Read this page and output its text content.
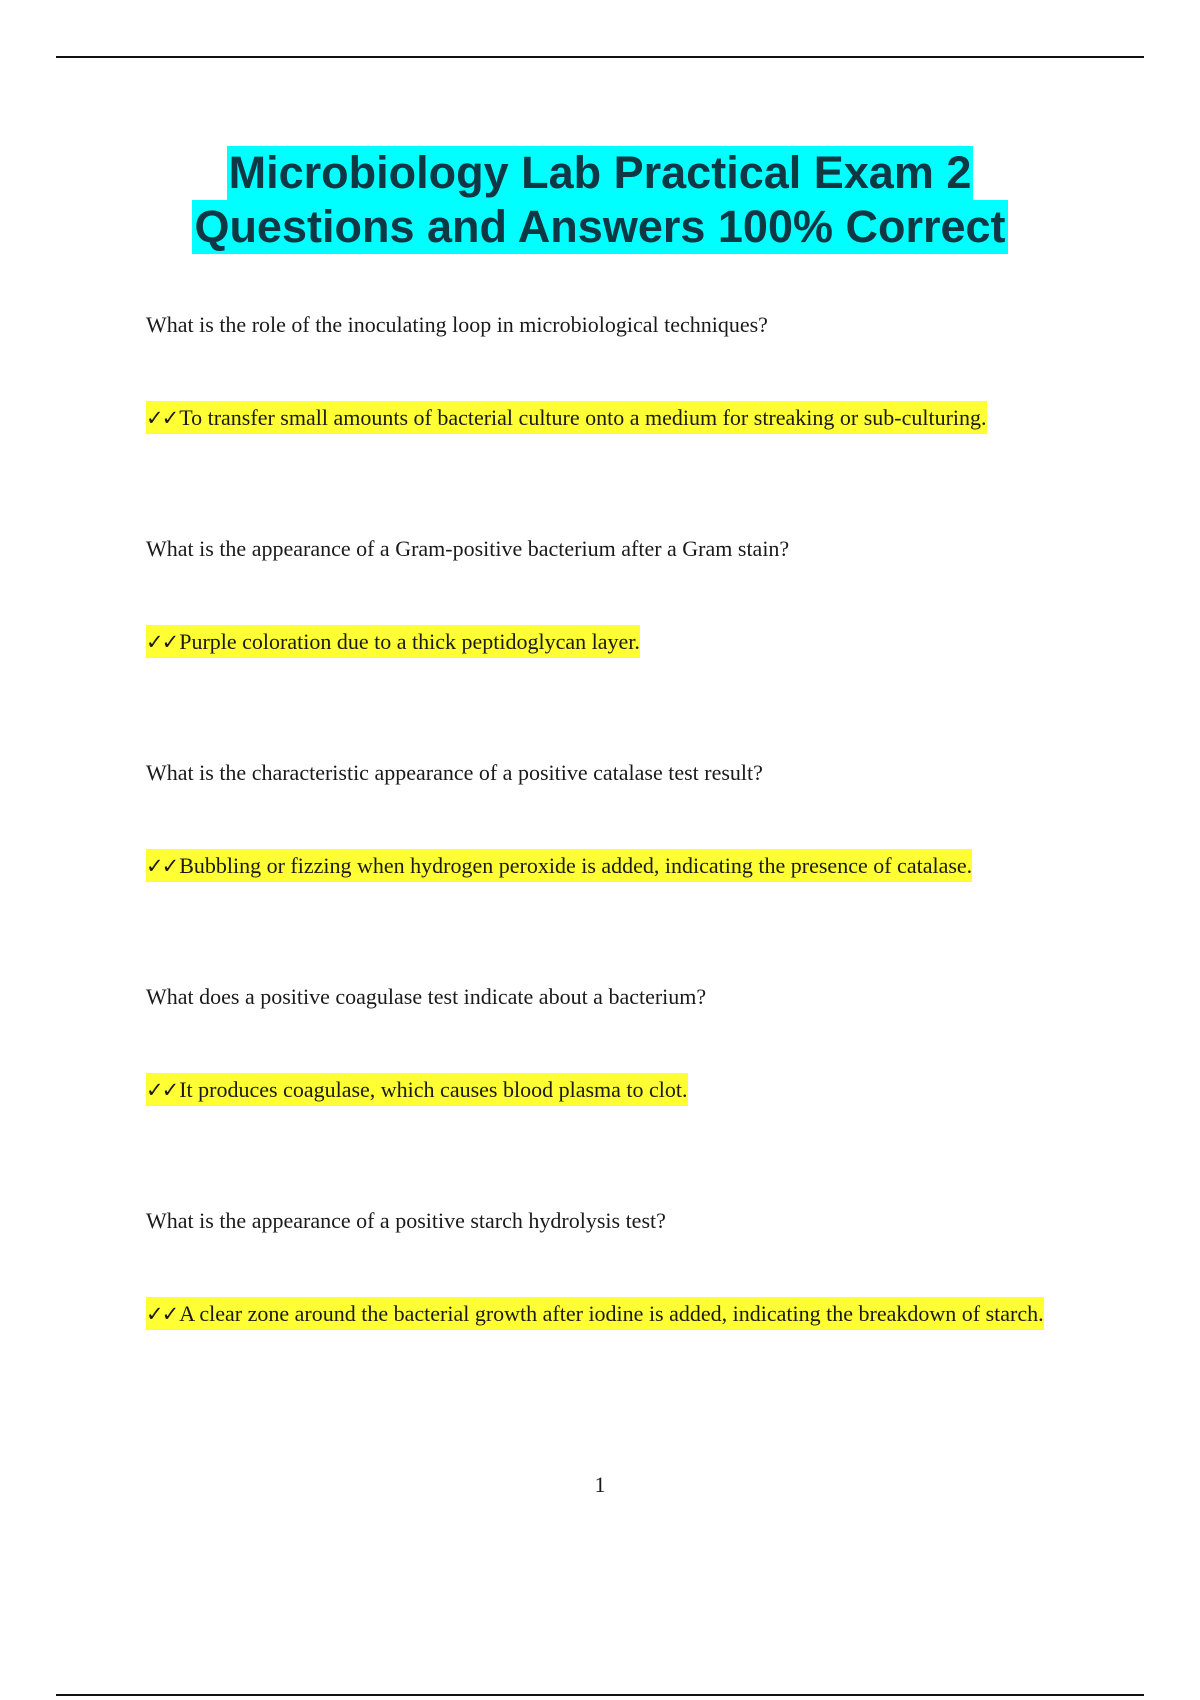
Microbiology Lab Practical Exam 2
Questions and Answers 100% Correct

What is the role of the inoculating loop in microbiological techniques?

✓✓To transfer small amounts of bacterial culture onto a medium for streaking or sub-culturing.

What is the appearance of a Gram-positive bacterium after a Gram stain?

✓✓Purple coloration due to a thick peptidoglycan layer.

What is the characteristic appearance of a positive catalase test result?

✓✓Bubbling or fizzing when hydrogen peroxide is added, indicating the presence of catalase.

What does a positive coagulase test indicate about a bacterium?

✓✓It produces coagulase, which causes blood plasma to clot.

What is the appearance of a positive starch hydrolysis test?

✓✓A clear zone around the bacterial growth after iodine is added, indicating the breakdown of starch.
1
